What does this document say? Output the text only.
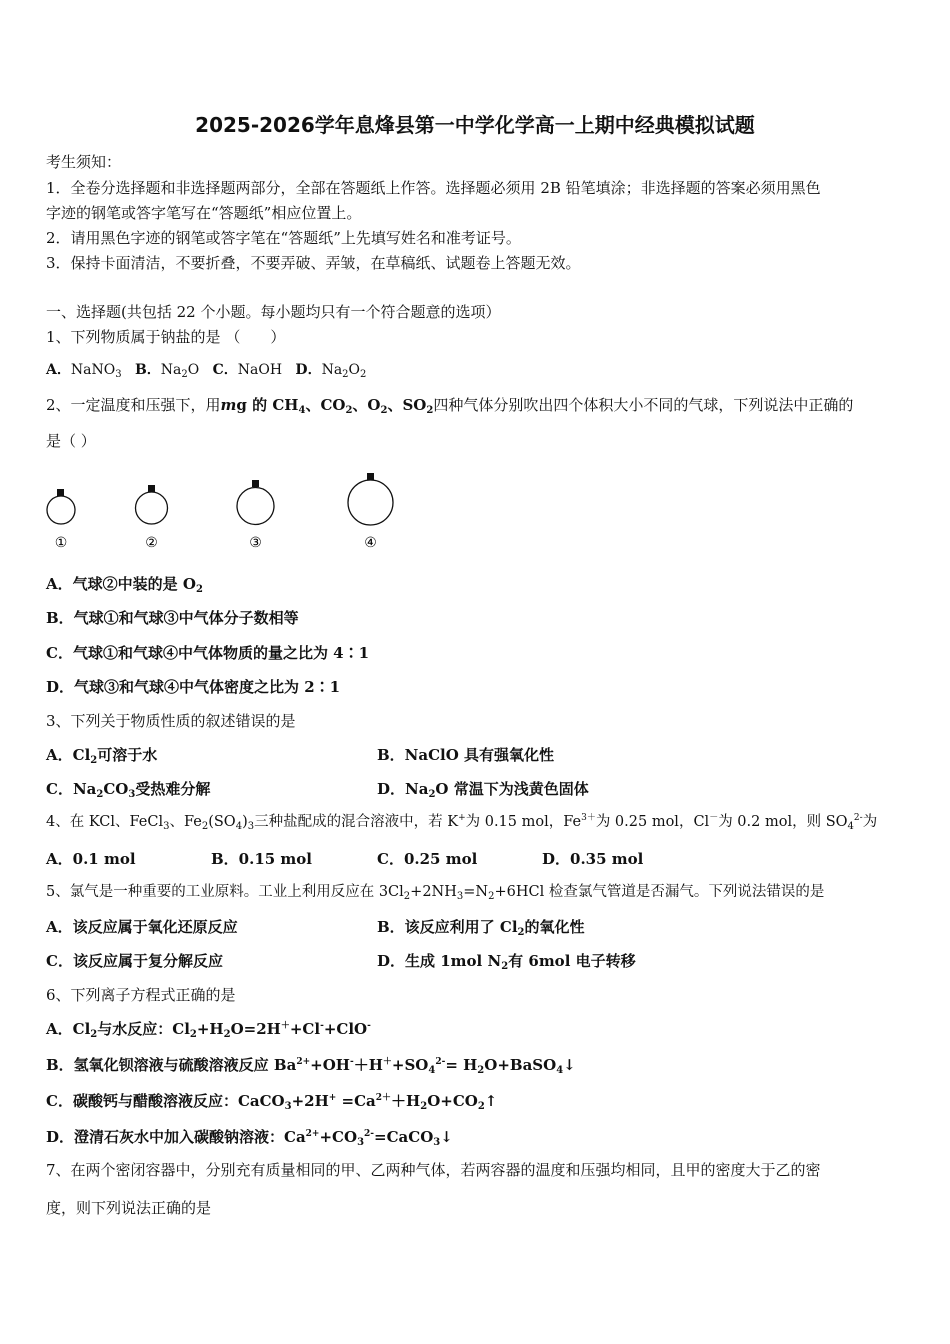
2025-2026学年息烽县第一中学化学高一上期中经典模拟试题
考生须知：
1．全卷分选择题和非选择题两部分，全部在答题纸上作答。选择题必须用 2B 铅笔填涂；非选择题的答案必须用黑色
字迹的钢笔或答字笔写在“答题纸”相应位置上。
2．请用黑色字迹的钢笔或答字笔在“答题纸”上先填写姓名和准考证号。
3．保持卡面清洁，不要折叠，不要弄破、弄皱，在草稿纸、试题卷上答题无效。
一、选择题(共包括 22 个小题。每小题均只有一个符合题意的选项）
1、下列物质属于钠盐的是 （　　）
A．NaNO$_3$ B．$Na_2O$ C．NaOH D．$Na_2O_2$
2、一定温度和压强下，用mg 的 $CH_4$、$CO_2$、$O_2$、$SO_2$四种气体分别吹出四个体积大小不同的气球，下列说法中正确的
是（ ）
①	②	③	④
A．气球②中装的是 $O_2$
B．气球①和气球③中气体分子数相等
C．气球①和气球④中气体物质的量之比为 4∶1
D．气球③和气球④中气体密度之比为 2∶1
3、下列关于物质性质的叙述错误的是
A．$Cl_2$可溶于水	B．NaClO 具有强氧化性
C．$Na_2CO_3$受热难分解	D．$Na_2O$ 常温下为浅黄色固体
4、在 KCl、FeCl$_3$、$Fe_2(SO_4)_3$三种盐配成的混合溶液中，若 K+为 0.15 mol，$Fe^{3+}$为 0.25 mol，Cl－为 0.2 mol，则 $SO_4^{2-}$为
A．0.1 mol	B．0.15 mol	C．0.25 mol	D．0.35 mol
5、氯气是一种重要的工业原料。工业上利用反应在 $3Cl_2+2NH_3=N_2+6HCl$ 检查氯气管道是否漏气。下列说法错误的是
A．该反应属于氧化还原反应	B．该反应利用了 $Cl_2$的氧化性
C．该反应属于复分解反应	D．生成 1mol $N_2$有 6mol 电子转移
6、下列离子方程式正确的是
A．$Cl_2$与水反应：$Cl_2+H_2O=2H^++Cl^-+ClO^-$
B．氢氧化钡溶液与硫酸溶液反应 $Ba^{2+}+OH^-+H^++SO_4^{2-}=$ $H_2O+BaSO_4↓$
C．碳酸钙与醋酸溶液反应：CaCO$_3$+2H+ $=Ca^{2+}+H_2O+CO_2↑$
D．澄清石灰水中加入碳酸钠溶液：$Ca^{2+}+CO_3^{2-}=CaCO_3↓$
7、在两个密闭容器中，分别充有质量相同的甲、乙两种气体，若两容器的温度和压强均相同，且甲的密度大于乙的密
度，则下列说法正确的是
